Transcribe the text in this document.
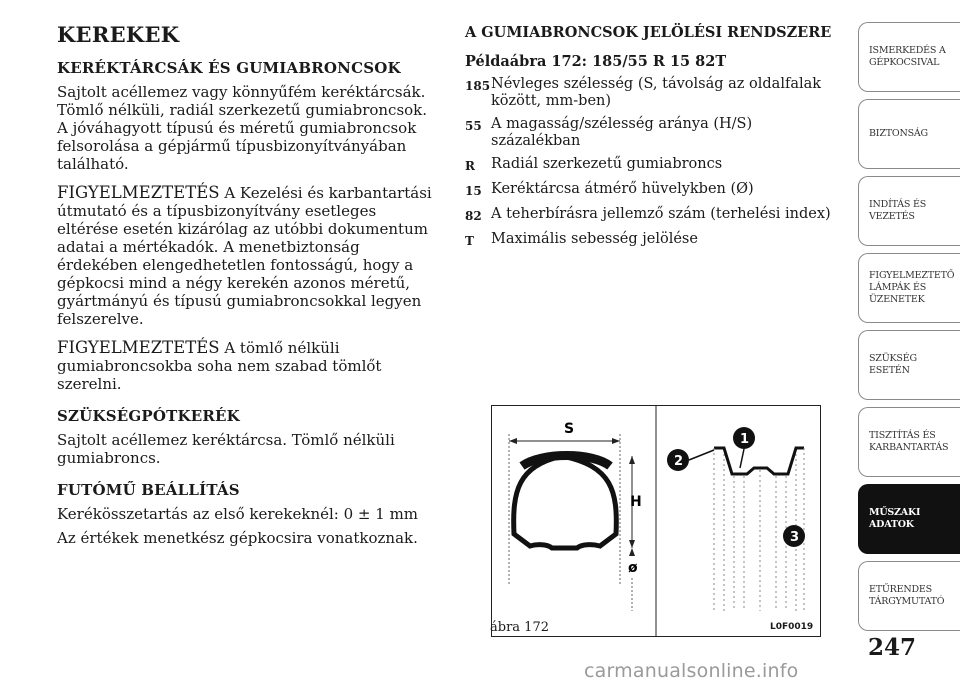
KEREKEK
KERÉKTÁRCSÁK ÉS GUMIABRONCSOK

Sajtolt acéllemez vagy könnyűfém keréktárcsák. Tömlő nélküli, radiál szerkezetű gumiabroncsok. A jóváhagyott típusú és méretű gumiabroncsok felsorolása a gépjármű típusbizonyítványában található.

FIGYELMEZTETÉS A Kezelési és karbantartási útmutató és a típusbizonyítvány esetleges eltérése esetén kizárólag az utóbbi dokumentum adatai a mértékadók. A menetbiztonság érdekében elengedhetetlen fontosságú, hogy a gépkocsi mind a négy kerekén azonos méretű, gyártmányú és típusú gumiabroncsokkal legyen felszerelve.

FIGYELMEZTETÉS A tömlő nélküli gumiabroncsokba soha nem szabad tömlőt szerelni.

SZÜKSÉGPÓTKERÉK

Sajtolt acéllemez keréktárcsa. Tömlő nélküli gumiabroncs.

FUTÓMŰ BEÁLLÍTÁS

Kerékösszetartás az első kerekeknél: 0 ± 1 mm

Az értékek menetkész gépkocsira vonatkoznak.

A GUMIABRONCSOK JELÖLÉSI RENDSZERE
Példaábra 172: 185/55 R 15 82T
185 Névleges szélesség (S, távolság az oldalfalak között, mm-ben)
55 A magasság/szélesség aránya (H/S) százalékban
R	Radiál szerkezetű gumiabroncs
15 Keréktárcsa átmérő hüvelykben (Ø)
82 A teherbírásra jellemző szám (terhelési index)
T	Maximális sebesség jelölése
S
H
ø
1
2
3
ábra 172	L0F0019
ISMERKEDÉS A GÉPKOCSIVAL
BIZTONSÁG
INDÍTÁS ÉS VEZETÉS
FIGYELMEZTETŐ LÁMPÁK ÉS ÜZENETEK
SZÜKSÉG ESETÉN
TISZTÍTÁS ÉS KARBANTARTÁS
MŰSZAKI ADATOK
ETŰRENDES TÁRGYMUTATÓ
247
carmanualsonline.info
